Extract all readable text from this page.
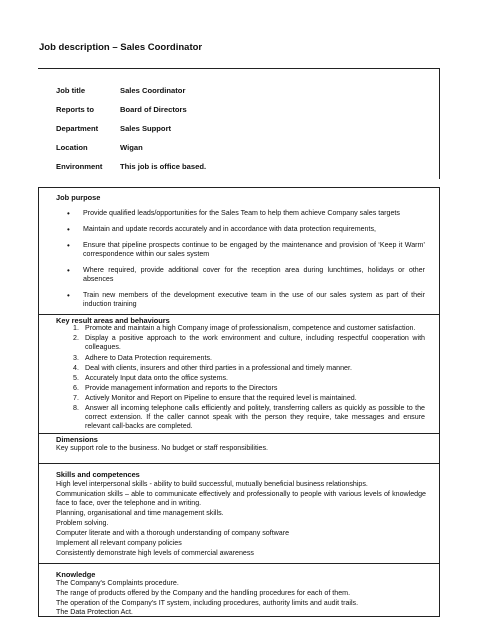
Job description – Sales Coordinator
Job title	Sales Coordinator
Reports to	Board of Directors
Department	Sales Support
Location	Wigan
Environment	This job is office based.
Job purpose
• Provide qualified leads/opportunities for the Sales Team to help them achieve Company sales targets
• Maintain and update records accurately and in accordance with data protection requirements,
• Ensure that pipeline prospects continue to be engaged by the maintenance and provision of ‘Keep it Warm’ correspondence within our sales system
• Where required, provide additional cover for the reception area during lunchtimes, holidays or other absences
• Train new members of the development executive team in the use of our sales system as part of their induction training
Key result areas and behaviours
1. Promote and maintain a high Company image of professionalism, competence and customer satisfaction.
2. Display a positive approach to the work environment and culture, including respectful cooperation with colleagues.
3. Adhere to Data Protection requirements.
4. Deal with clients, insurers and other third parties in a professional and timely manner.
5. Accurately Input data onto the office systems.
6. Provide management information and reports to the Directors
7. Actively Monitor and Report on Pipeline to ensure that the required level is maintained.
8. Answer all incoming telephone calls efficiently and politely, transferring callers as quickly as possible to the correct extension. If the caller cannot speak with the person they require, take messages and ensure relevant call-backs are completed.
Dimensions
Key support role to the business. No budget or staff responsibilities.
Skills and competences
High level interpersonal skills - ability to build successful, mutually beneficial business relationships.
Communication skills – able to communicate effectively and professionally to people with various levels of knowledge face to face, over the telephone and in writing.
Planning, organisational and time management skills.
Problem solving.
Computer literate and with a thorough understanding of company software
Implement all relevant company policies
Consistently demonstrate high levels of commercial awareness
Knowledge
The Company's Complaints procedure.
The range of products offered by the Company and the handling procedures for each of them.
The operation of the Company's IT system, including procedures, authority limits and audit trails.
The Data Protection Act.
